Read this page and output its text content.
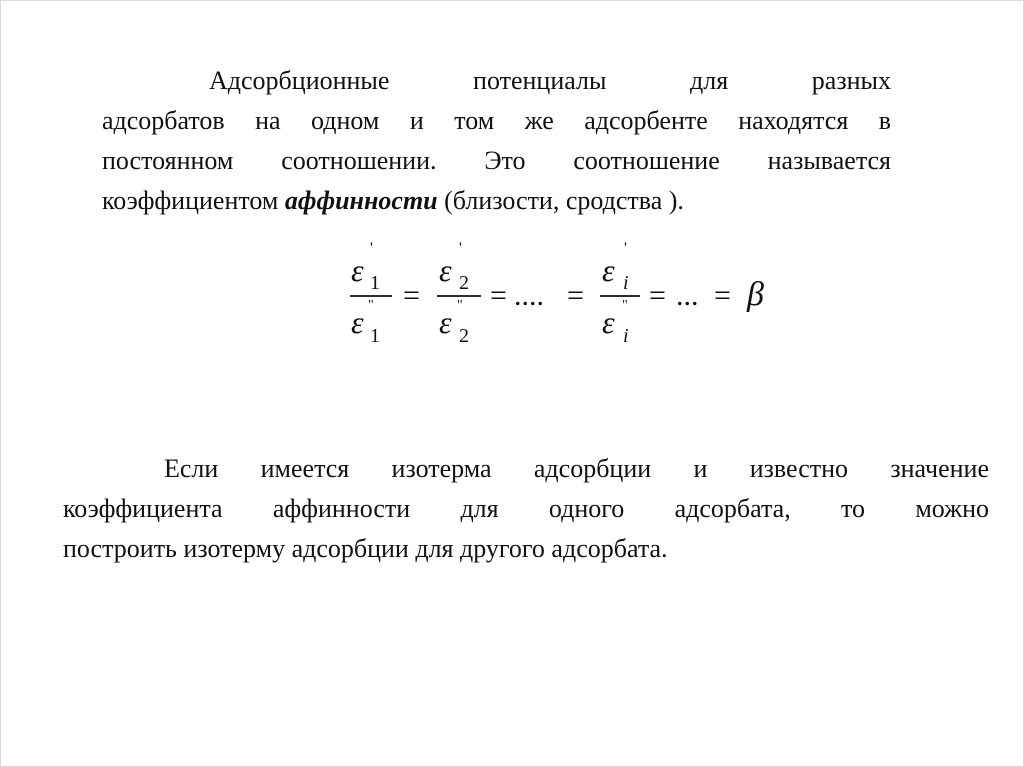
Адсорбционные потенциалы для разных
адсорбатов на одном и том же адсорбенте находятся в
постоянном соотношении. Это соотношение называется
коэффициентом аффинности (близости, сродства ).
ε 1
'
ε 1
" =
ε 2
'
ε 2
" = .... =
ε i
'
ε i
" = ... = β
Если имеется изотерма адсорбции и известно значение
коэффициента аффинности для одного адсорбата, то можно
построить изотерму адсорбции для другого адсорбата.
